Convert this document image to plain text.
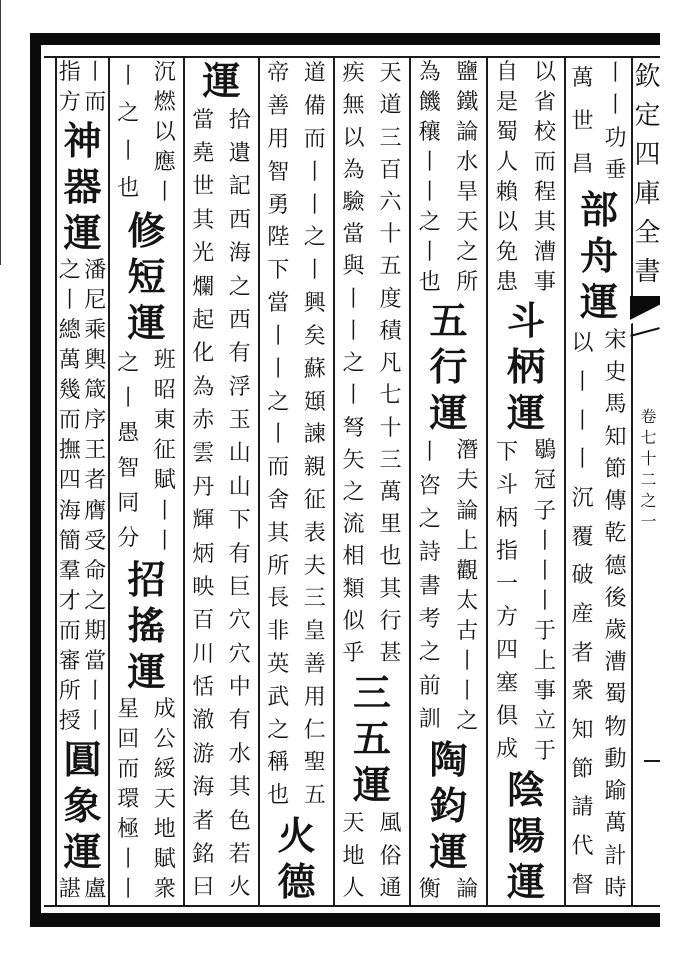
丨
丨
功
垂
萬
世
昌
部
舟
運
宋
史
馬
知
節
傳
乾
德
後
歲
漕
蜀
物
動
踰
萬
計
時
以
丨
丨
丨
沉
覆
破
産
者
衆
知
節
請
代
督
以
省
校
而
程
其
漕
事
自
是
蜀
人
賴
以
免
患
斗
柄
運
鶡
冠
子
丨
丨
丨
于
上
事
立
于
下
斗
柄
指
一
方
四
塞
俱
成
陰
陽
運
鹽
鐵
論
水
旱
天
之
所
為
饑
穰
丨
丨
之
丨
也
五
行
運
潛
夫
論
上
觀
太
古
丨
丨
之
丨
咨
之
詩
書
考
之
前
訓
陶
鈞
運
論
衡
天
道
三
百
六
十
五
度
積
凡
七
十
三
萬
里
也
其
行
甚
疾
無
以
為
驗
當
與
丨
丨
之
丨
弩
矢
之
流
相
類
似
乎
三
五
運
風
俗
通
天
地
人
道
備
而
丨
丨
之
丨
興
矣
蘇
頲
諫
親
征
表
夫
三
皇
善
用
仁
聖
五
帝
善
用
智
勇
陛
下
當
丨
丨
之
丨
而
舍
其
所
長
非
英
武
之
稱
也
火
德
運
拾
遺
記
西
海
之
西
有
浮
玉
山
山
下
有
巨
穴
穴
中
有
水
其
色
若
火
當
堯
世
其
光
爛
起
化
為
赤
雲
丹
輝
炳
映
百
川
恬
澈
游
海
者
銘
曰
沉
燃
以
應
丨
丨
之
丨
也
修
短
運
班
昭
東
征
賦
丨
丨
之
丨
愚
智
同
分
招
搖
運
成
公
綏
天
地
賦
衆
星
回
而
環
極
丨
丨
丨
而
指
方
神
器
運
潘
尼
乘
輿
箴
序
王
者
膺
受
命
之
期
當
丨
丨
之
丨
總
萬
幾
而
撫
四
海
簡
羣
才
而
審
所
授
圓
象
運
盧
諶
欽定四庫全書
卷七十二之一
